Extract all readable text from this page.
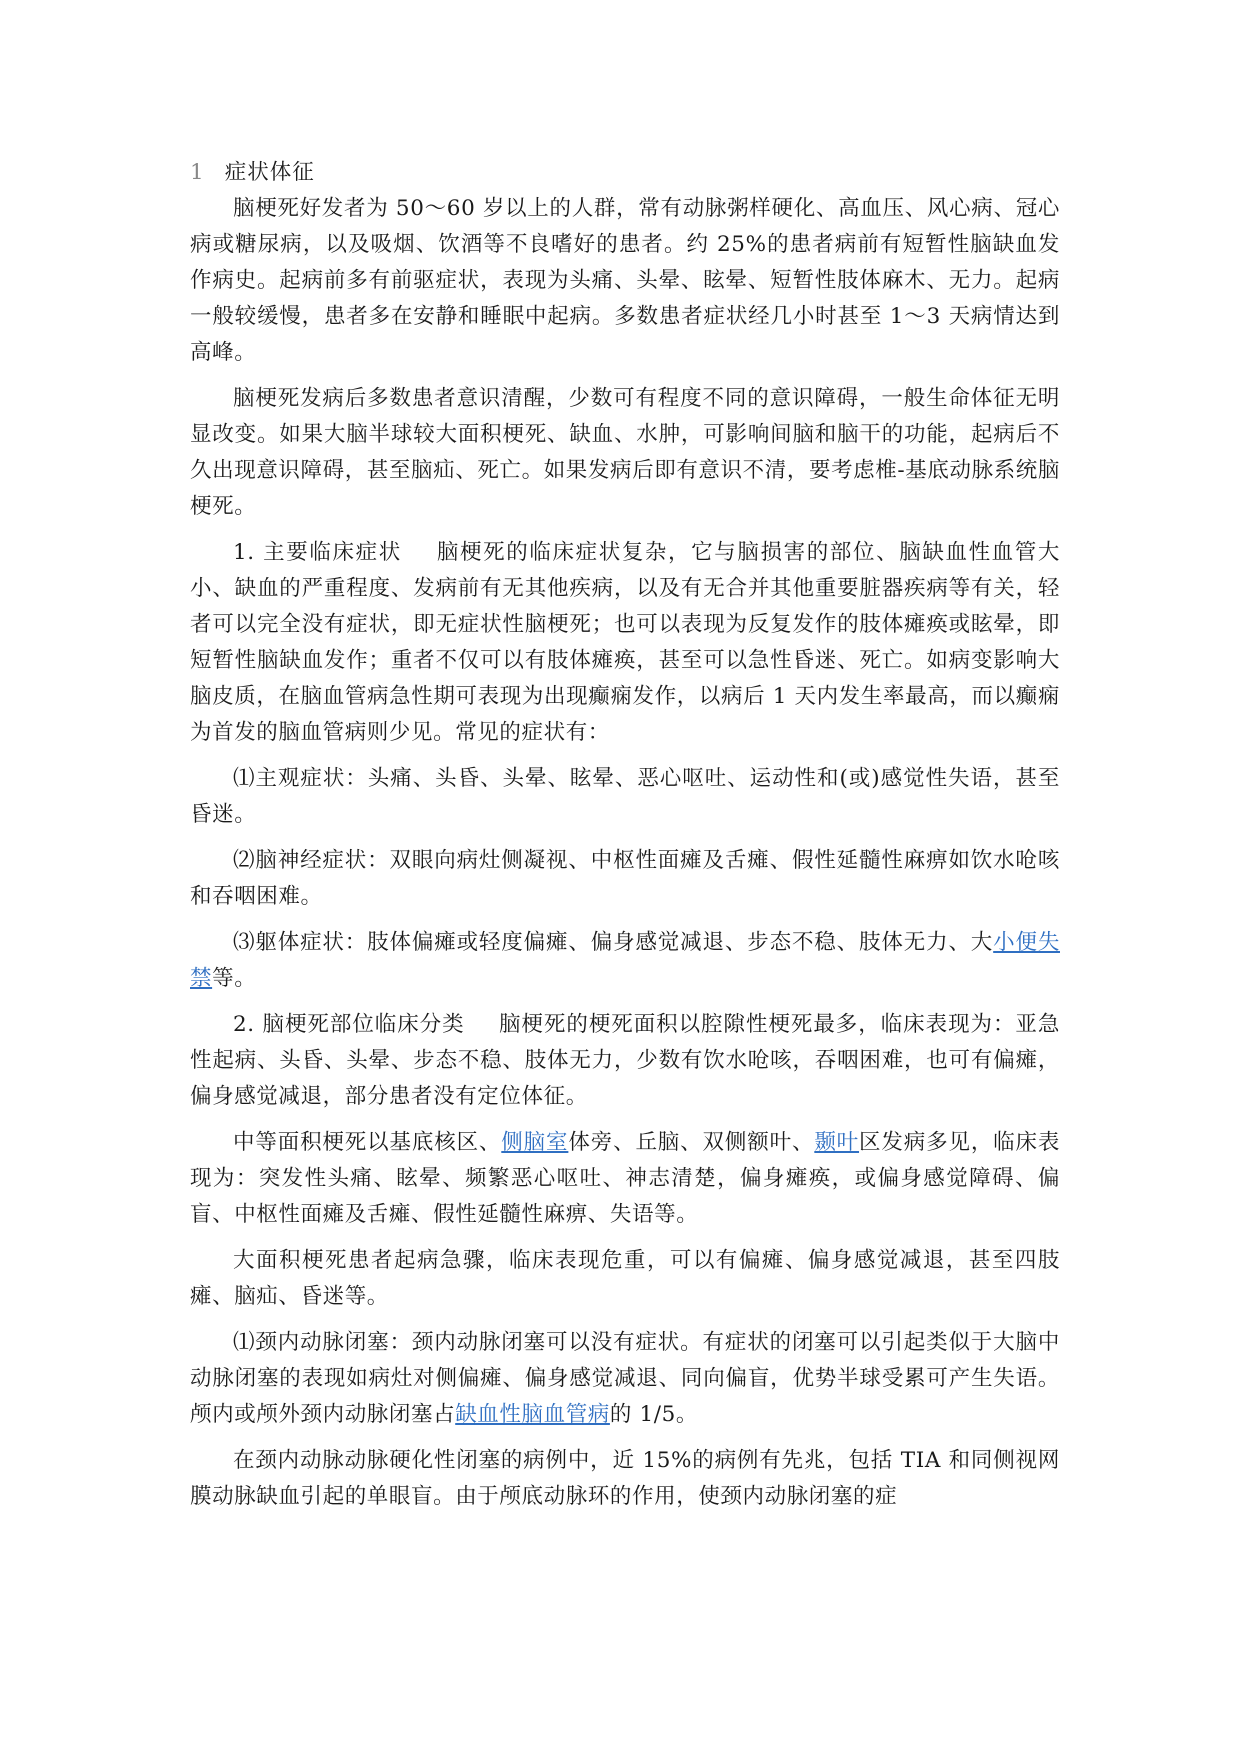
1 症状体征

脑梗死好发者为 50～60 岁以上的人群，常有动脉粥样硬化、高血压、风心病、冠心病或糖尿病，以及吸烟、饮酒等不良嗜好的患者。约 25%的患者病前有短暂性脑缺血发作病史。起病前多有前驱症状，表现为头痛、头晕、眩晕、短暂性肢体麻木、无力。起病一般较缓慢，患者多在安静和睡眠中起病。多数患者症状经几小时甚至 1～3 天病情达到高峰。

脑梗死发病后多数患者意识清醒，少数可有程度不同的意识障碍，一般生命体征无明显改变。如果大脑半球较大面积梗死、缺血、水肿，可影响间脑和脑干的功能，起病后不久出现意识障碍，甚至脑疝、死亡。如果发病后即有意识不清，要考虑椎-基底动脉系统脑梗死。

1. 主要临床症状 脑梗死的临床症状复杂，它与脑损害的部位、脑缺血性血管大小、缺血的严重程度、发病前有无其他疾病，以及有无合并其他重要脏器疾病等有关，轻者可以完全没有症状，即无症状性脑梗死；也可以表现为反复发作的肢体瘫痪或眩晕，即短暂性脑缺血发作；重者不仅可以有肢体瘫痪，甚至可以急性昏迷、死亡。如病变影响大脑皮质，在脑血管病急性期可表现为出现癫痫发作，以病后 1 天内发生率最高，而以癫痫为首发的脑血管病则少见。常见的症状有：

⑴主观症状：头痛、头昏、头晕、眩晕、恶心呕吐、运动性和(或)感觉性失语，甚至昏迷。

⑵脑神经症状：双眼向病灶侧凝视、中枢性面瘫及舌瘫、假性延髓性麻痹如饮水呛咳和吞咽困难。

⑶躯体症状：肢体偏瘫或轻度偏瘫、偏身感觉减退、步态不稳、肢体无力、大小便失禁等。

2. 脑梗死部位临床分类 脑梗死的梗死面积以腔隙性梗死最多，临床表现为：亚急性起病、头昏、头晕、步态不稳、肢体无力，少数有饮水呛咳，吞咽困难，也可有偏瘫，偏身感觉减退，部分患者没有定位体征。

中等面积梗死以基底核区、侧脑室体旁、丘脑、双侧额叶、颞叶区发病多见，临床表现为：突发性头痛、眩晕、频繁恶心呕吐、神志清楚，偏身瘫痪，或偏身感觉障碍、偏盲、中枢性面瘫及舌瘫、假性延髓性麻痹、失语等。

大面积梗死患者起病急骤，临床表现危重，可以有偏瘫、偏身感觉减退，甚至四肢瘫、脑疝、昏迷等。

⑴颈内动脉闭塞：颈内动脉闭塞可以没有症状。有症状的闭塞可以引起类似于大脑中动脉闭塞的表现如病灶对侧偏瘫、偏身感觉减退、同向偏盲，优势半球受累可产生失语。颅内或颅外颈内动脉闭塞占缺血性脑血管病的 1/5。

在颈内动脉动脉硬化性闭塞的病例中，近 15%的病例有先兆，包括 TIA 和同侧视网膜动脉缺血引起的单眼盲。由于颅底动脉环的作用，使颈内动脉闭塞的症
